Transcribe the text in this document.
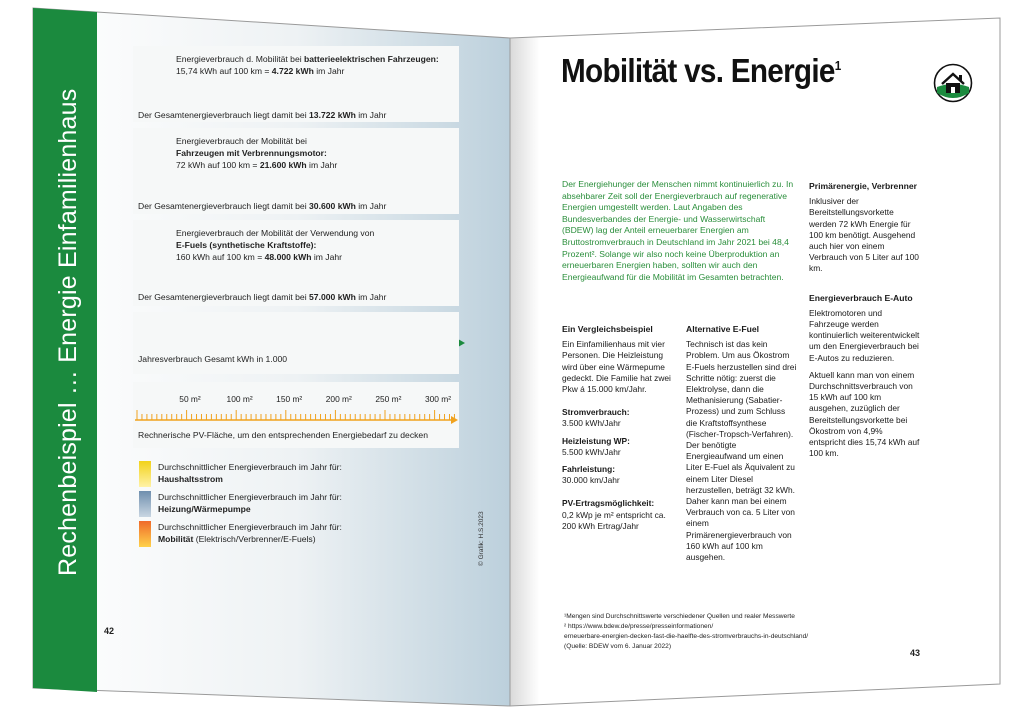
Rechenbeispiel … Energie Einfamilienhaus
Energieverbrauch d. Mobilität bei batterieelektrischen Fahrzeugen:
15,74 kWh auf 100 km = 4.722 kWh im Jahr
Der Gesamtenergieverbrauch liegt damit bei 13.722 kWh im Jahr
Energieverbrauch der Mobilität bei
Fahrzeugen mit Verbrennungsmotor:
72 kWh auf 100 km = 21.600 kWh im Jahr
Der Gesamtenergieverbrauch liegt damit bei 30.600 kWh im Jahr
Energieverbrauch der Mobilität der Verwendung von
E-Fuels (synthetische Kraftstoffe):
160 kWh auf 100 km = 48.000 kWh im Jahr
Der Gesamtenergieverbrauch liegt damit bei 57.000 kWh im Jahr
Jahresverbrauch Gesamt kWh in 1.000
50 m²	100 m²	150 m²	200 m²	250 m²	300 m²
Rechnerische PV-Fläche, um den entsprechenden Energiebedarf zu decken
Durchschnittlicher Energieverbrauch im Jahr für:
Haushaltsstrom
Durchschnittlicher Energieverbrauch im Jahr für:
Heizung/Wärmepumpe
Durchschnittlicher Energieverbrauch im Jahr für:
Mobilität (Elektrisch/Verbrenner/E-Fuels)	© Grafik: H.S.2023
42
Mobilität vs. Energie$^1$
Der Energiehunger der Menschen nimmt kontinuierlich zu. In absehbarer Zeit soll der Energieverbrauch auf regenerative Energien umgestellt werden. Laut Angaben des Bundesverbandes der Energie- und Wasserwirtschaft (BDEW) lag der Anteil erneuerbarer Energien am Bruttostromverbrauch in Deutschland im Jahr 2021 bei 48,4 Prozent². Solange wir also noch keine Überproduktion an erneuerbaren Energien haben, sollten wir auch den Energieaufwand für die Mobilität im Gesamten betrachten.
Ein Vergleichsbeispiel

Ein Einfamilienhaus mit vier Personen. Die Heizleistung wird über eine Wärmepume gedeckt. Die Familie hat zwei Pkw á 15.000 km/Jahr.

Stromverbrauch:

3.500 kWh/Jahr

Heizleistung WP:

5.500 kWh/Jahr

Fahrleistung:

30.000 km/Jahr

PV-Ertragsmöglichkeit:

0,2 kWp je m² entspricht ca. 200 kWh Ertrag/Jahr

Alternative E-Fuel

Technisch ist das kein Problem. Um aus Ökostrom E-Fuels herzustellen sind drei Schritte nötig: zuerst die Elektrolyse, dann die Methanisierung (Sabatier-Prozess) und zum Schluss die Kraftstoffsynthese (Fischer-Tropsch-Verfahren). Der benötigte Energieaufwand um einen Liter E-Fuel als Äquivalent zu einem Liter Diesel herzustellen, beträgt 32 kWh. Daher kann man bei einem Verbrauch von ca. 5 Liter von einem Primärenergieverbrauch von 160 kWh auf 100 km ausgehen.

Primärenergie, Verbrenner

Inklusiver der Bereitstellungsvorkette werden 72 kWh Energie für 100 km benötigt. Ausgehend auch hier von einem Verbrauch von 5 Liter auf 100 km.

Energieverbrauch E-Auto

Elektromotoren und Fahrzeuge werden kontinuierlich weiterentwickelt um den Energieverbrauch bei E-Autos zu reduzieren.

Aktuell kann man von einem Durchschnittsverbrauch von 15 kWh auf 100 km ausgehen, zuzüglich der Bereitstellungsvorkette bei Ökostrom von 4,9% entspricht dies 15,74 kWh auf 100 km.

¹Mengen sind Durchschnittswerte verschiedener Quellen und realer Messwerte
² https://www.bdew.de/presse/presseinformationen/
erneuerbare-energien-decken-fast-die-haelfte-des-stromverbrauchs-in-deutschland/
(Quelle: BDEW vom 6. Januar 2022)
43
